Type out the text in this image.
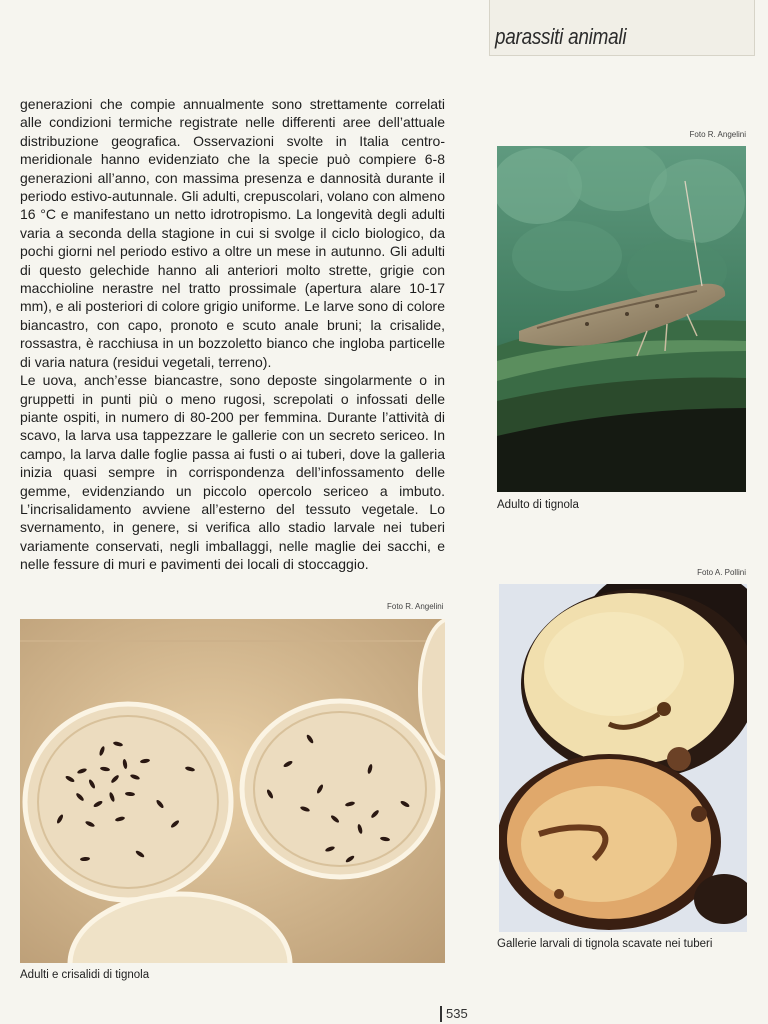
parassiti animali

generazioni che compie annualmente sono strettamente correlati alle condizioni termiche registrate nelle differenti aree dell’attuale distribuzione geografica. Osservazioni svolte in Italia centro-meridionale hanno evidenziato che la specie può compiere 6-8 generazioni all’anno, con massima presenza e dannosità durante il periodo estivo-autunnale. Gli adulti, crepuscolari, volano con almeno 16 °C e manifestano un netto idrotropismo. La longevità degli adulti varia a seconda della stagione in cui si svolge il ciclo biologico, da pochi giorni nel periodo estivo a oltre un mese in autunno. Gli adulti di questo gelechide hanno ali anteriori molto strette, grigie con macchioline nerastre nel tratto prossimale (apertura alare 10-17 mm), e ali posteriori di colore grigio uniforme. Le larve sono di colore biancastro, con capo, pronoto e scuto anale bruni; la crisalide, rossastra, è racchiusa in un bozzoletto bianco che ingloba particelle di varia natura (residui vegetali, terreno).

Le uova, anch’esse biancastre, sono deposte singolarmente o in gruppetti in punti più o meno rugosi, screpolati o infossati delle piante ospiti, in numero di 80-200 per femmina. Durante l’attività di scavo, la larva usa tappezzare le gallerie con un secreto sericeo. In campo, la larva dalle foglie passa ai fusti o ai tuberi, dove la galleria inizia quasi sempre in corrispondenza dell’infossamento delle gemme, evidenziando un piccolo opercolo sericeo a imbuto. L’incrisalidamento avviene all’esterno del tessuto vegetale. Lo svernamento, in genere, si verifica allo stadio larvale nei tuberi variamente conservati, negli imballaggi, nelle maglie dei sacchi, e nelle fessure di muri e pavimenti dei locali di stoccaggio.

Foto R. Angelini
Adulto di tignola
Foto A. Pollini
Gallerie larvali di tignola scavate nei tuberi
Foto R. Angelini
Adulti e crisalidi di tignola
535
